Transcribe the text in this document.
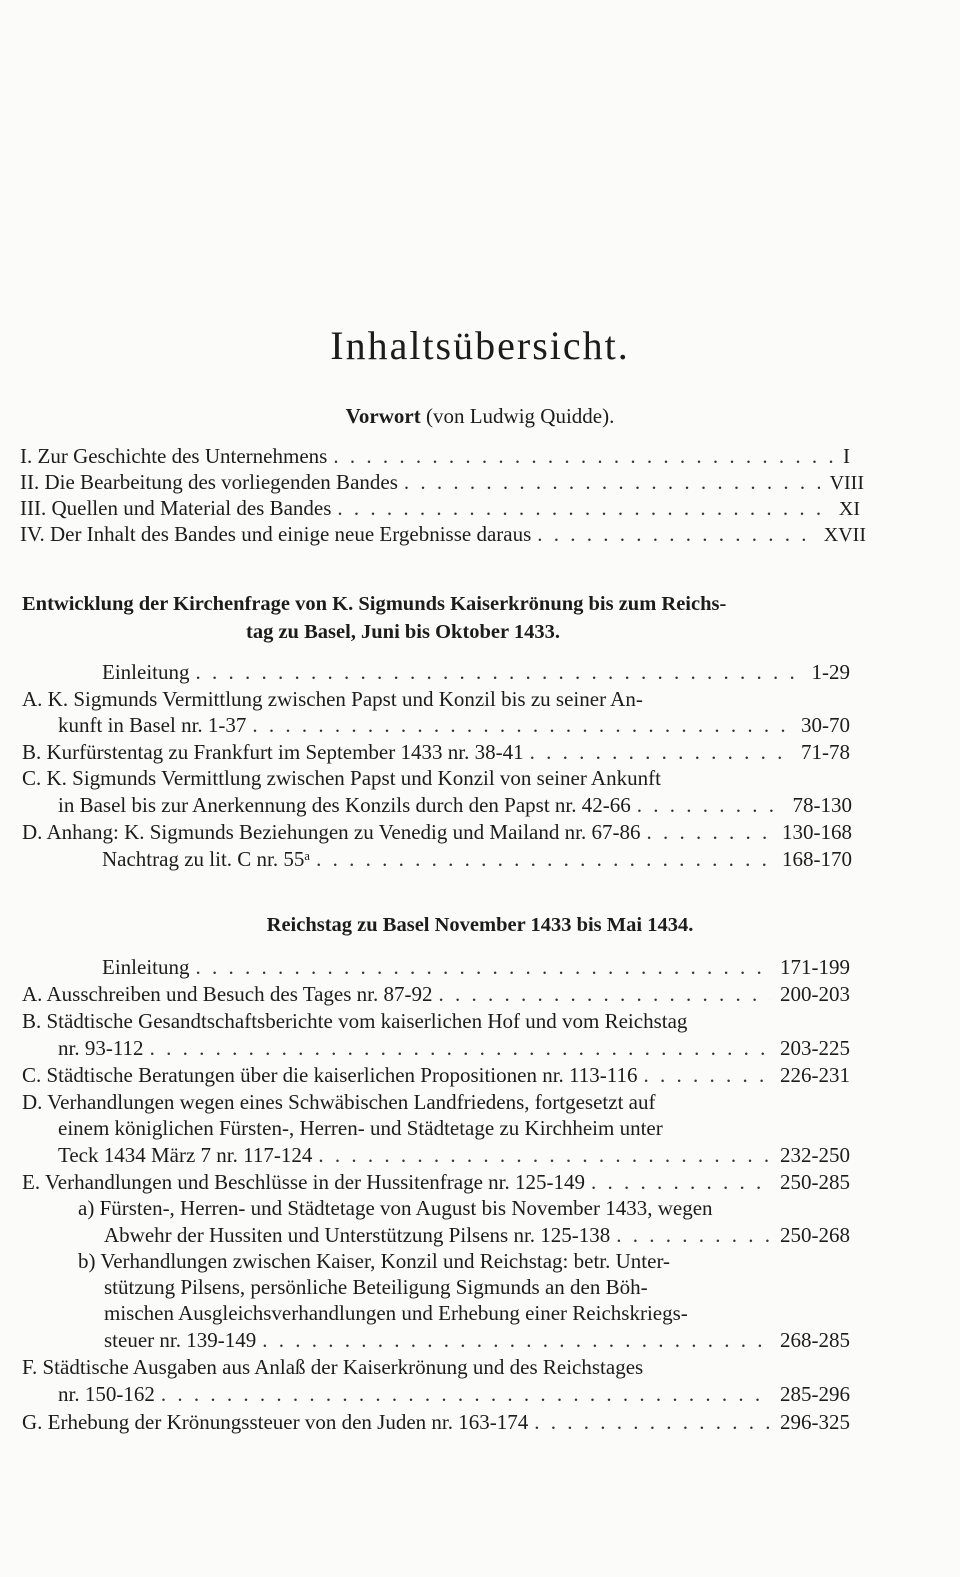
Inhaltsübersicht.
Vorwort (von Ludwig Quidde).
I. Zur Geschichte des Unternehmens . . .	I
II. Die Bearbeitung des vorliegenden Bandes . . .	VIII
III. Quellen und Material des Bandes . . .	XI
IV. Der Inhalt des Bandes und einige neue Ergebnisse daraus . . .	XVII
Entwicklung der Kirchenfrage von K. Sigmunds Kaiserkrönung bis zum Reichs-
tag zu Basel, Juni bis Oktober 1433.
Einleitung . . .	1-29
A. K. Sigmunds Vermittlung zwischen Papst und Konzil bis zu seiner An-
kunft in Basel nr. 1-37 . . .	30-70
B. Kurfürstentag zu Frankfurt im September 1433 nr. 38-41 . . .	71-78
C. K. Sigmunds Vermittlung zwischen Papst und Konzil von seiner Ankunft
in Basel bis zur Anerkennung des Konzils durch den Papst nr. 42-66 . . .	78-130
D. Anhang: K. Sigmunds Beziehungen zu Venedig und Mailand nr. 67-86 . . .	130-168
Nachtrag zu lit. C nr. 55ᵃ . . .	168-170
Reichstag zu Basel November 1433 bis Mai 1434.
Einleitung . . .	171-199
A. Ausschreiben und Besuch des Tages nr. 87-92 . . .	200-203
B. Städtische Gesandtschaftsberichte vom kaiserlichen Hof und vom Reichstag
nr. 93-112 . . .	203-225
C. Städtische Beratungen über die kaiserlichen Propositionen nr. 113-116 . . .	226-231
D. Verhandlungen wegen eines Schwäbischen Landfriedens, fortgesetzt auf
einem königlichen Fürsten-, Herren- und Städtetage zu Kirchheim unter
Teck 1434 März 7 nr. 117-124 . . .	232-250
E. Verhandlungen und Beschlüsse in der Hussitenfrage nr. 125-149 . . .	250-285
a) Fürsten-, Herren- und Städtetage von August bis November 1433, wegen
Abwehr der Hussiten und Unterstützung Pilsens nr. 125-138 . . .	250-268
b) Verhandlungen zwischen Kaiser, Konzil und Reichstag: betr. Unter-
stützung Pilsens, persönliche Beteiligung Sigmunds an den Böh-
mischen Ausgleichsverhandlungen und Erhebung einer Reichskriegs-
steuer nr. 139-149 . . .	268-285
F. Städtische Ausgaben aus Anlaß der Kaiserkrönung und des Reichstages
nr. 150-162 . . .	285-296
G. Erhebung der Krönungssteuer von den Juden nr. 163-174 . . .	296-325
